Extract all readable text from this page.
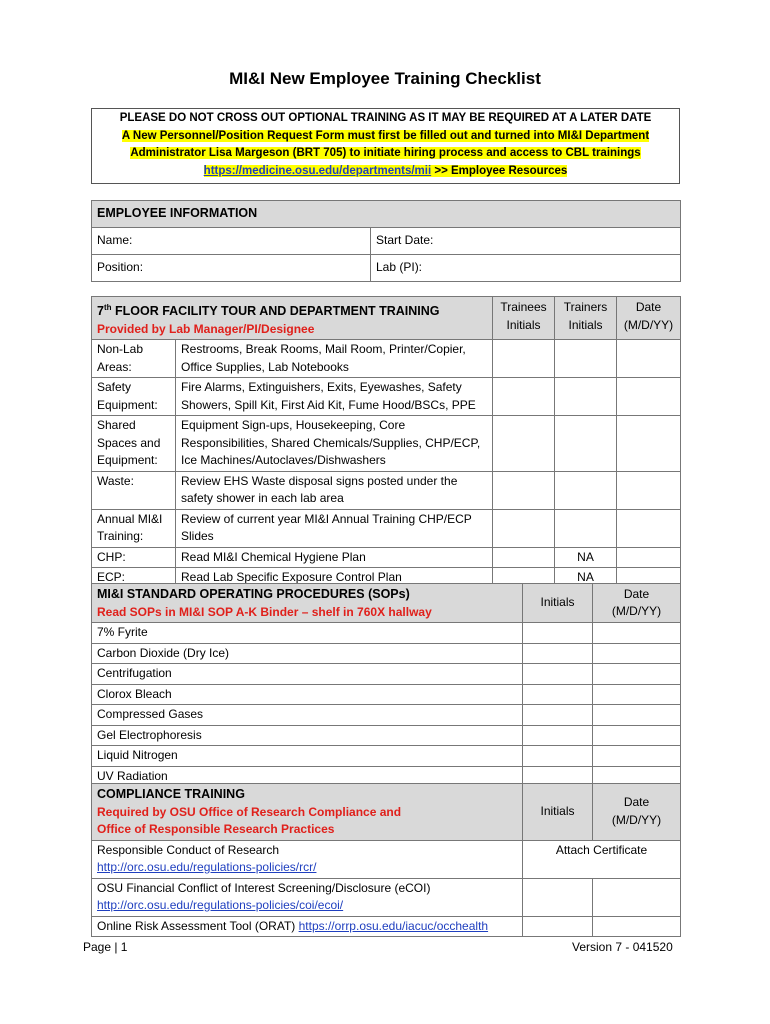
MI&I New Employee Training Checklist
PLEASE DO NOT CROSS OUT OPTIONAL TRAINING AS IT MAY BE REQUIRED AT A LATER DATE
A New Personnel/Position Request Form must first be filled out and turned into MI&I Department
Administrator Lisa Margeson (BRT 705) to initiate hiring process and access to CBL trainings
https://medicine.osu.edu/departments/mii >> Employee Resources
EMPLOYEE INFORMATION	
Name:	Start Date:
Position:	Lab (PI):
7th FLOOR FACILITY TOUR AND DEPARTMENT TRAINING
Provided by Lab Manager/PI/Designee		Trainees Initials	Trainers Initials	Date (M/D/YY)
Non-Lab Areas:	Restrooms, Break Rooms, Mail Room, Printer/Copier, Office Supplies, Lab Notebooks			
Safety Equipment:	Fire Alarms, Extinguishers, Exits, Eyewashes, Safety Showers, Spill Kit, First Aid Kit, Fume Hood/BSCs, PPE			
Shared Spaces and Equipment:	Equipment Sign-ups, Housekeeping, Core Responsibilities, Shared Chemicals/Supplies, CHP/ECP, Ice Machines/Autoclaves/Dishwashers			
Waste:	Review EHS Waste disposal signs posted under the safety shower in each lab area			
Annual MI&I Training:	Review of current year MI&I Annual Training CHP/ECP Slides			
CHP:	Read MI&I Chemical Hygiene Plan		NA	
ECP:	Read Lab Specific Exposure Control Plan		NA	
MI&I STANDARD OPERATING PROCEDURES (SOPs)
Read SOPs in MI&I SOP A-K Binder – shelf in 760X hallway	Initials	Date (M/D/YY)
7% Fyrite		
Carbon Dioxide (Dry Ice)		
Centrifugation		
Clorox Bleach		
Compressed Gases		
Gel Electrophoresis		
Liquid Nitrogen		
UV Radiation		
COMPLIANCE TRAINING
Required by OSU Office of Research Compliance and
Office of Responsible Research Practices	Initials	Date (M/D/YY)

Responsible Conduct of Research
http://orc.osu.edu/regulations-policies/rcr/	Attach Certificate	

OSU Financial Conflict of Interest Screening/Disclosure (eCOI)
http://orc.osu.edu/regulations-policies/coi/ecoi/		

Online Risk Assessment Tool (ORAT) https://orrp.osu.edu/iacuc/occhealth		
Page | 1	Version 7 - 041520
